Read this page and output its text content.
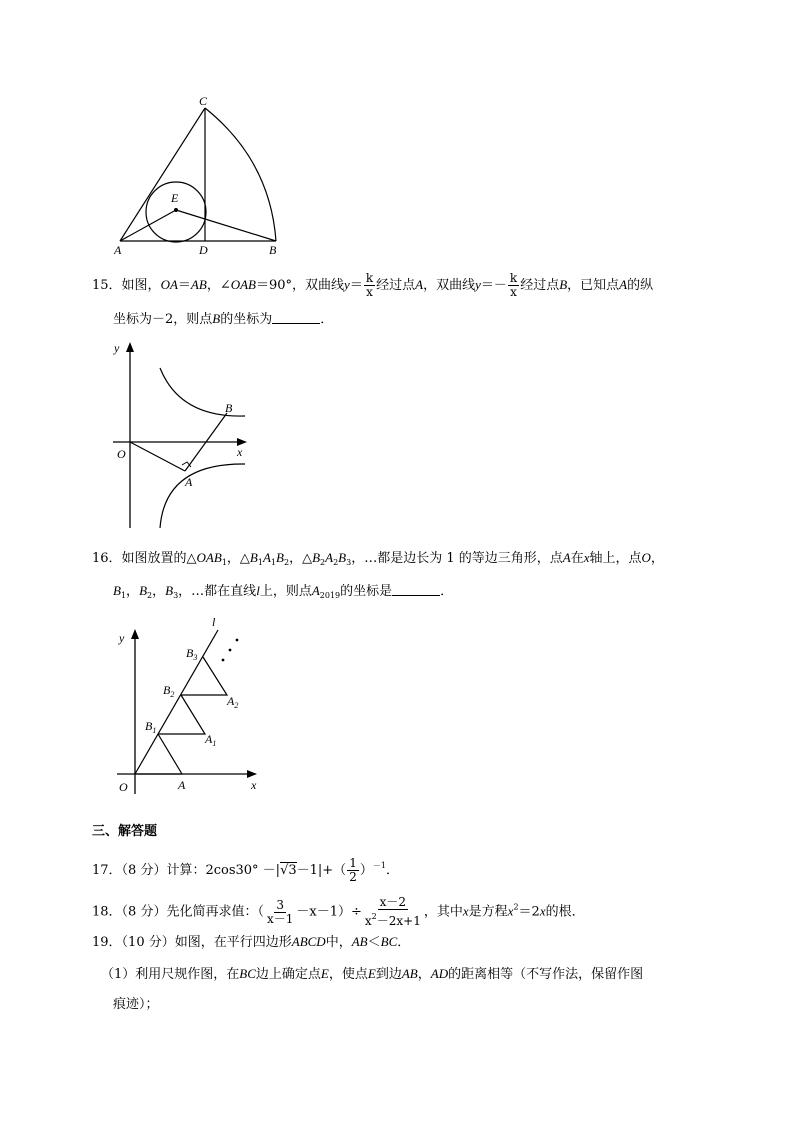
C
E
A	D	B
15．如图，OA＝AB，∠OAB＝90°，双曲线$y= \frac{k}{x}$ 经过点A，双曲线$y=- \frac{k}{x}$ 经过点B，已知点A的纵
坐标为－2，则点B的坐标为	．
y
x
O
A
B
16．如图放置的$\triangle OAB_1$，$\triangle B_1A_1B_2$，$\triangle B_2A_2B_3$，…都是边长为 1 的等边三角形，点A在x轴上，点O，
$B_1$，$B_2$，$B_3$，…都在直线l上，则点$A_{2019}$的坐标是	．
l
y
x
O	A
$B_1$
$B_2$
$B_3$
$A_1$
$A_2$
三、解答题
17．（8 分）计算：$2\cos 30^\circ -|√3-1|+( \frac{1}{2} )^{-1}$．
18．（8 分）先化简再求值：（ $\frac{3}{x-1} -x-1)\div \frac{x-2}{x^2-2x+1}$ ，其中x是方程$x^2=2x$的根．
19．（10 分）如图，在平行四边形ABCD中，AB＜BC．
（1）利用尺规作图，在BC边上确定点E，使点E到边AB，AD的距离相等（不写作法，保留作图
痕迹）；
